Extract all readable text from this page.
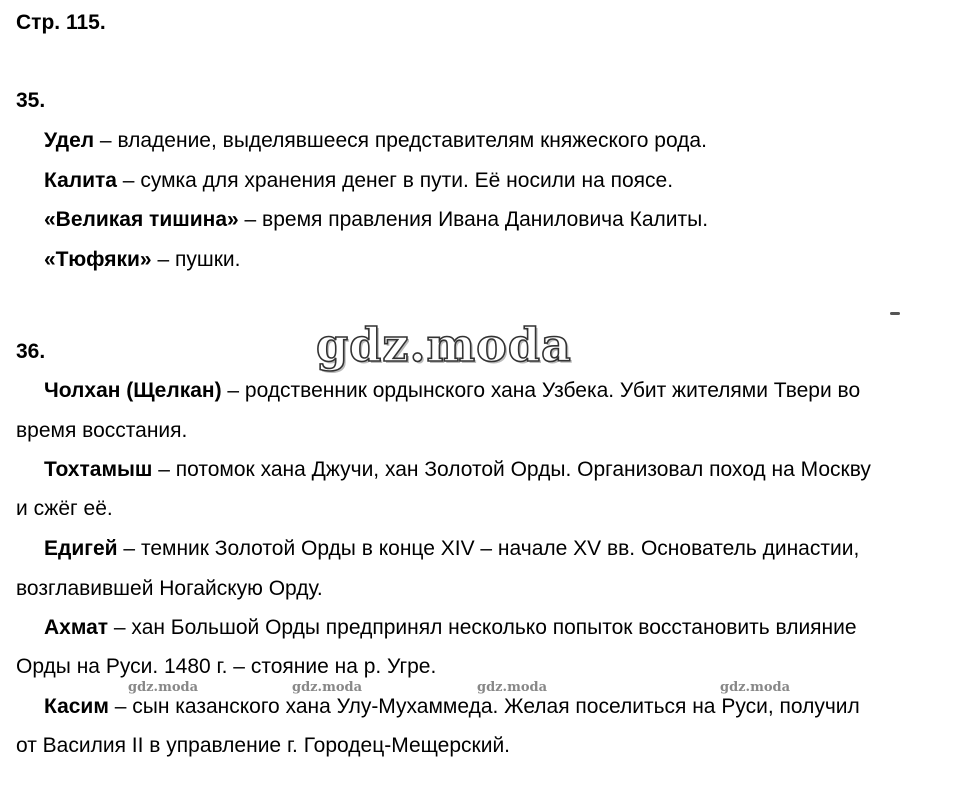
Стр. 115.
35.
Удел – владение, выделявшееся представителям княжеского рода.
Калита – сумка для хранения денег в пути. Её носили на поясе.
«Великая тишина» – время правления Ивана Даниловича Калиты.
«Тюфяки» – пушки.
gdz.moda
36.
Чолхан (Щелкан) – родственник ордынского хана Узбека. Убит жителями Твери во
время восстания.
Тохтамыш – потомок хана Джучи, хан Золотой Орды. Организовал поход на Москву
и сжёг её.
Едигей – темник Золотой Орды в конце XIV – начале XV вв. Основатель династии,
возглавившей Ногайскую Орду.
Ахмат – хан Большой Орды предпринял несколько попыток восстановить влияние
Орды на Руси. 1480 г. – стояние на р. Угре.
gdz.moda	gdz.moda	gdz.moda	gdz.moda
Касим – сын казанского хана Улу-Мухаммеда. Желая поселиться на Руси, получил
от Василия II в управление г. Городец-Мещерский.
